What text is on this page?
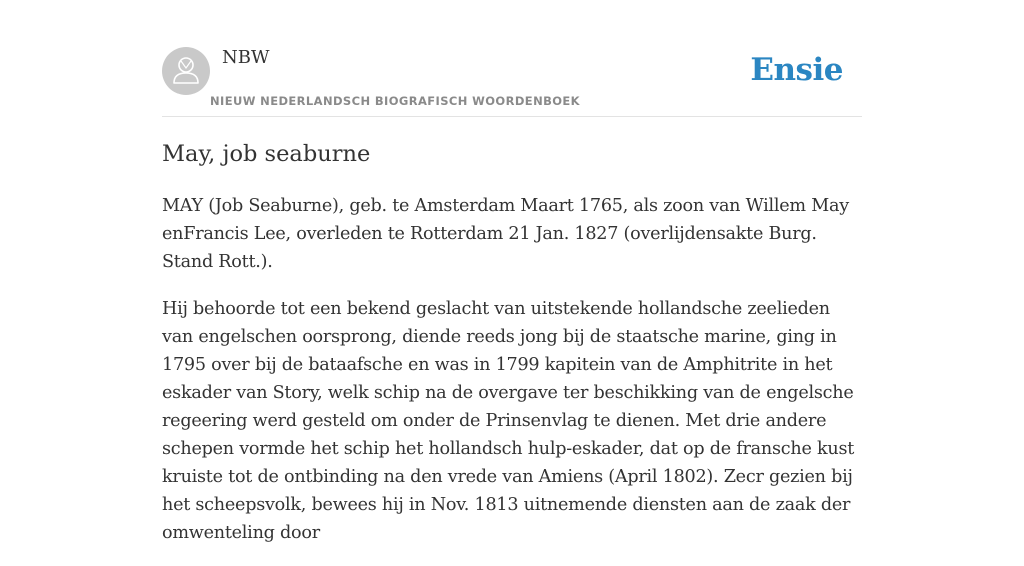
NBW
NIEUW NEDERLANDSCH BIOGRAFISCH WOORDENBOEK
Ensie
May, job seaburne

MAY (Job Seaburne), geb. te Amsterdam Maart 1765, als zoon van Willem May enFrancis Lee, overleden te Rotterdam 21 Jan. 1827 (overlijdensakte Burg. Stand Rott.).

Hij behoorde tot een bekend geslacht van uitstekende hollandsche zeelieden van engelschen oorsprong, diende reeds jong bij de staatsche marine, ging in 1795 over bij de bataafsche en was in 1799 kapitein van de Amphitrite in het eskader van Story, welk schip na de overgave ter beschikking van de engelsche regeering werd gesteld om onder de Prinsenvlag te dienen. Met drie andere schepen vormde het schip het hollandsch hulp-eskader, dat op de fransche kust kruiste tot de ontbinding na den vrede van Amiens (April 1802). Zecr gezien bij het scheepsvolk, bewees hij in Nov. 1813 uitnemende diensten aan de zaak der omwenteling door
